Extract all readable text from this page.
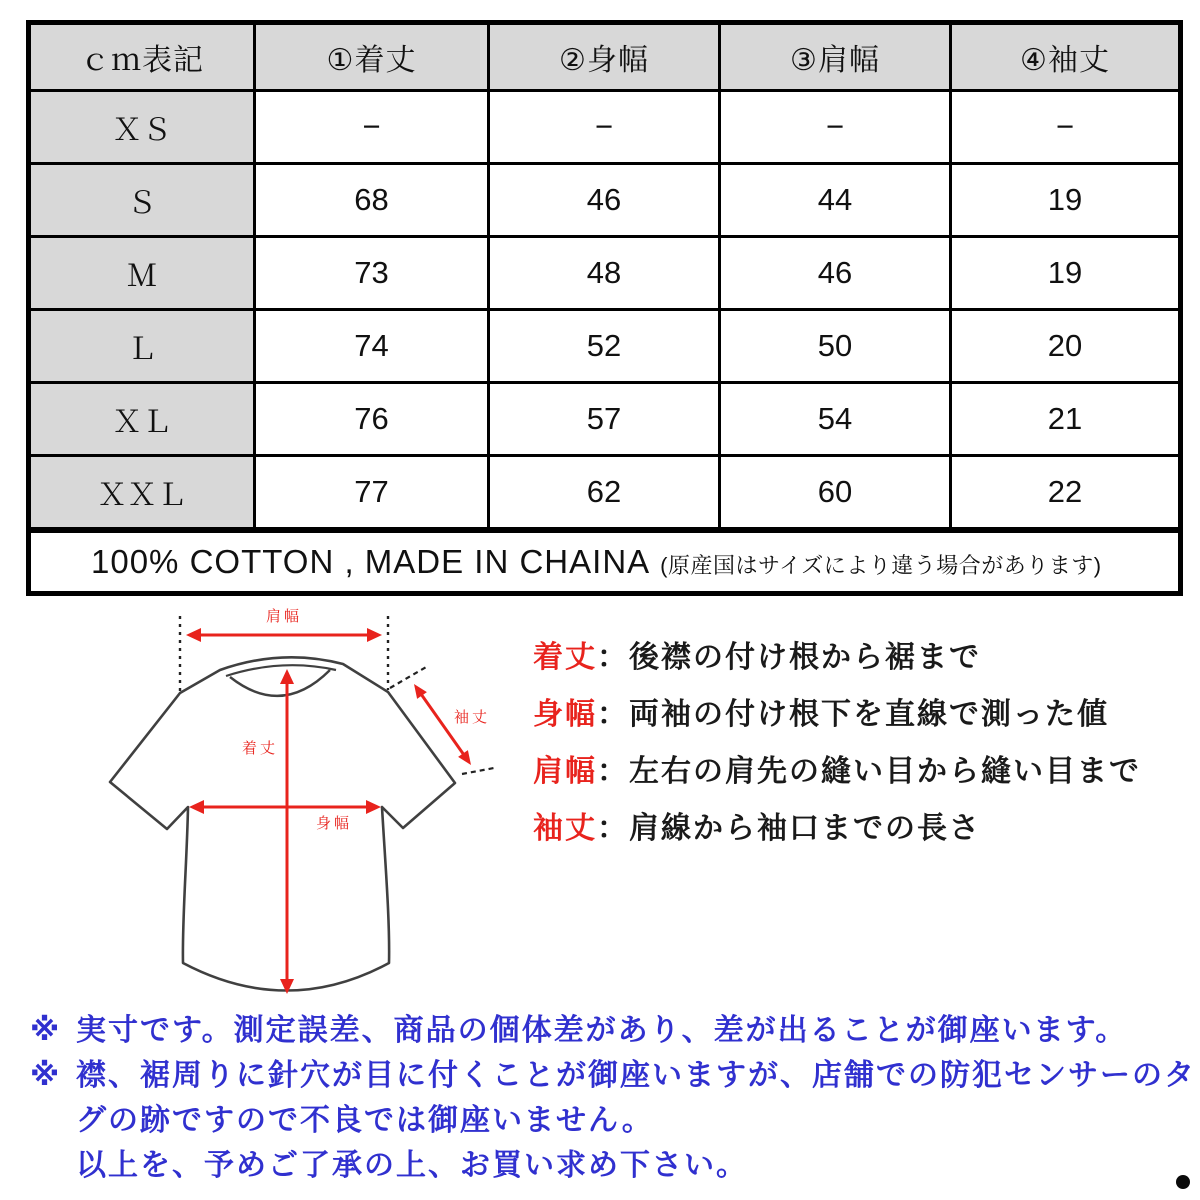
ｃｍ表記	①着丈	②身幅	③肩幅	④袖丈
ＸＳ	−	−	−	−
Ｓ	68	46	44	19
Ｍ	73	48	46	19
Ｌ	74	52	50	20
ＸＬ	76	57	54	21
ＸＸＬ	77	62	60	22
100% COTTON , MADE IN CHAINA (原産国はサイズにより違う場合があります)				
肩幅
着丈
身幅
袖丈
着丈：後襟の付け根から裾まで
身幅：両袖の付け根下を直線で測った値
肩幅：左右の肩先の縫い目から縫い目まで
袖丈：肩線から袖口までの長さ
※ 実寸です。測定誤差、商品の個体差があり、差が出ることが御座います。
※ 襟、裾周りに針穴が目に付くことが御座いますが、店舗での防犯センサーのタ
グの跡ですので不良では御座いません。
以上を、予めご了承の上、お買い求め下さい。
